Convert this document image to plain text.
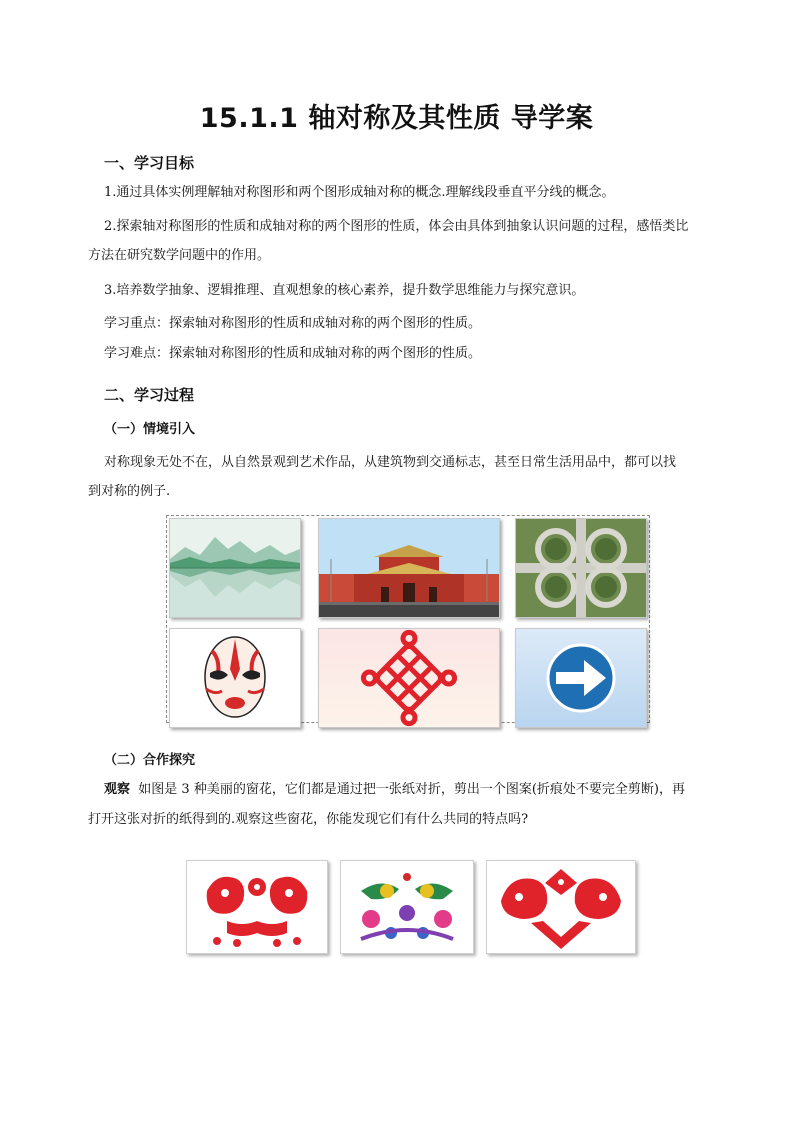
15.1.1 轴对称及其性质 导学案
一、学习目标
1.通过具体实例理解轴对称图形和两个图形成轴对称的概念.理解线段垂直平分线的概念。
2.探索轴对称图形的性质和成轴对称的两个图形的性质，体会由具体到抽象认识问题的过程，感悟类比
方法在研究数学问题中的作用。
3.培养数学抽象、逻辑推理、直观想象的核心素养，提升数学思维能力与探究意识。
学习重点：探索轴对称图形的性质和成轴对称的两个图形的性质。
学习难点：探索轴对称图形的性质和成轴对称的两个图形的性质。
二、学习过程
（一）情境引入
对称现象无处不在，从自然景观到艺术作品，从建筑物到交通标志，甚至日常生活用品中，都可以找
到对称的例子.
（二）合作探究
观察 如图是 3 种美丽的窗花，它们都是通过把一张纸对折，剪出一个图案(折痕处不要完全剪断)，再
打开这张对折的纸得到的.观察这些窗花，你能发现它们有什么共同的特点吗?
